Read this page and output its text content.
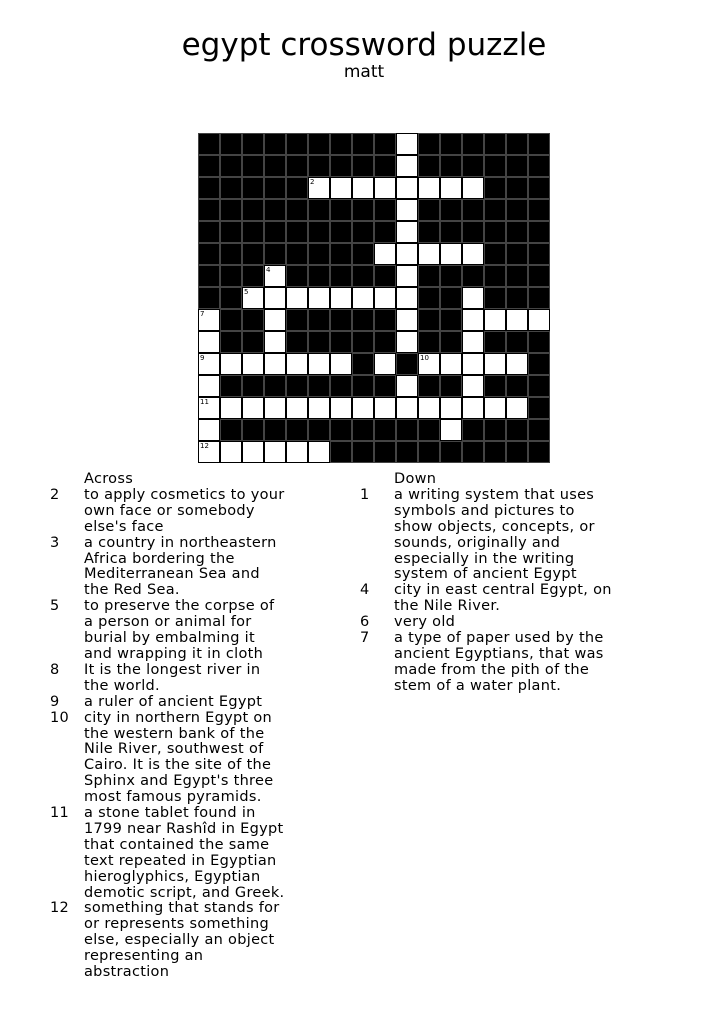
egypt crossword puzzle
matt
2
4
5
7
9	10
11
12
Across
2 to apply cosmetics to your
own face or somebody
else's face
3 a country in northeastern
Africa bordering the
Mediterranean Sea and
the Red Sea.
5 to preserve the corpse of
a person or animal for
burial by embalming it
and wrapping it in cloth
8 It is the longest river in
the world.
9 a ruler of ancient Egypt
10 city in northern Egypt on
the western bank of the
Nile River, southwest of
Cairo. It is the site of the
Sphinx and Egypt's three
most famous pyramids.
11 a stone tablet found in
1799 near Rashîd in Egypt
that contained the same
text repeated in Egyptian
hieroglyphics, Egyptian
demotic script, and Greek.
12 something that stands for
or represents something
else, especially an object
representing an
abstraction
Down
1 a writing system that uses
symbols and pictures to
show objects, concepts, or
sounds, originally and
especially in the writing
system of ancient Egypt
4 city in east central Egypt, on
the Nile River.
6 very old
7 a type of paper used by the
ancient Egyptians, that was
made from the pith of the
stem of a water plant.
